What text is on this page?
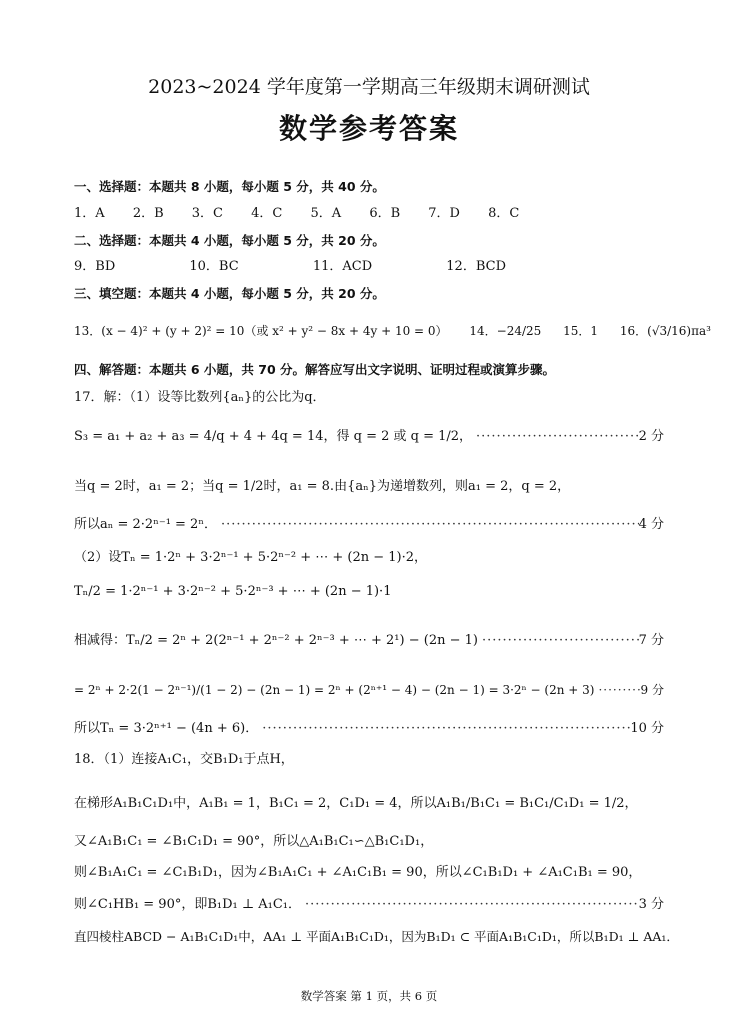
2023~2024 学年度第一学期高三年级期末调研测试
数学参考答案
一、选择题：本题共 8 小题，每小题 5 分，共 40 分。
1．A 2．B 3．C 4．C 5．A 6．B 7．D 8．C
二、选择题：本题共 4 小题，每小题 5 分，共 20 分。
9．BD	10．BC	11．ACD	12．BCD
三、填空题：本题共 4 小题，每小题 5 分，共 20 分。
13．(x − 4)² + (y + 2)² = 10（或 x² + y² − 8x + 4y + 10 = 0） 14．−24/25 15．1 16．(√3/16)πa³
四、解答题：本题共 6 小题，共 70 分。解答应写出文字说明、证明过程或演算步骤。
17．解：（1）设等比数列{aₙ}的公比为q．
S₃ = a₁ + a₂ + a₃ = 4/q + 4 + 4q = 14，得 q = 2 或 q = 1/2， ·····	2 分
当q = 2时，a₁ = 2；当q = 1/2时，a₁ = 8.由{aₙ}为递增数列，则a₁ = 2，q = 2，
所以aₙ = 2·2ⁿ⁻¹ = 2ⁿ． ·····	4 分
（2）设Tₙ = 1·2ⁿ + 3·2ⁿ⁻¹ + 5·2ⁿ⁻² + ⋯ + (2n − 1)·2，
Tₙ/2 = 1·2ⁿ⁻¹ + 3·2ⁿ⁻² + 5·2ⁿ⁻³ + ⋯ + (2n − 1)·1
相减得：Tₙ/2 = 2ⁿ + 2(2ⁿ⁻¹ + 2ⁿ⁻² + 2ⁿ⁻³ + ⋯ + 2¹) − (2n − 1) ·····	7 分
= 2ⁿ + 2·2(1 − 2ⁿ⁻¹)/(1 − 2) − (2n − 1) = 2ⁿ + (2ⁿ⁺¹ − 4) − (2n − 1) = 3·2ⁿ − (2n + 3) ·····	9 分
所以Tₙ = 3·2ⁿ⁺¹ − (4n + 6)． ·····	10 分
18．（1）连接A₁C₁，交B₁D₁于点H，
在梯形A₁B₁C₁D₁中，A₁B₁ = 1，B₁C₁ = 2，C₁D₁ = 4，所以A₁B₁/B₁C₁ = B₁C₁/C₁D₁ = 1/2，
又∠A₁B₁C₁ = ∠B₁C₁D₁ = 90°，所以△A₁B₁C₁∽△B₁C₁D₁，
则∠B₁A₁C₁ = ∠C₁B₁D₁，因为∠B₁A₁C₁ + ∠A₁C₁B₁ = 90，所以∠C₁B₁D₁ + ∠A₁C₁B₁ = 90，
则∠C₁HB₁ = 90°，即B₁D₁ ⊥ A₁C₁． ·····	3 分
直四棱柱ABCD − A₁B₁C₁D₁中，AA₁ ⊥ 平面A₁B₁C₁D₁，因为B₁D₁ ⊂ 平面A₁B₁C₁D₁，所以B₁D₁ ⊥ AA₁．
数学答案 第 1 页，共 6 页
